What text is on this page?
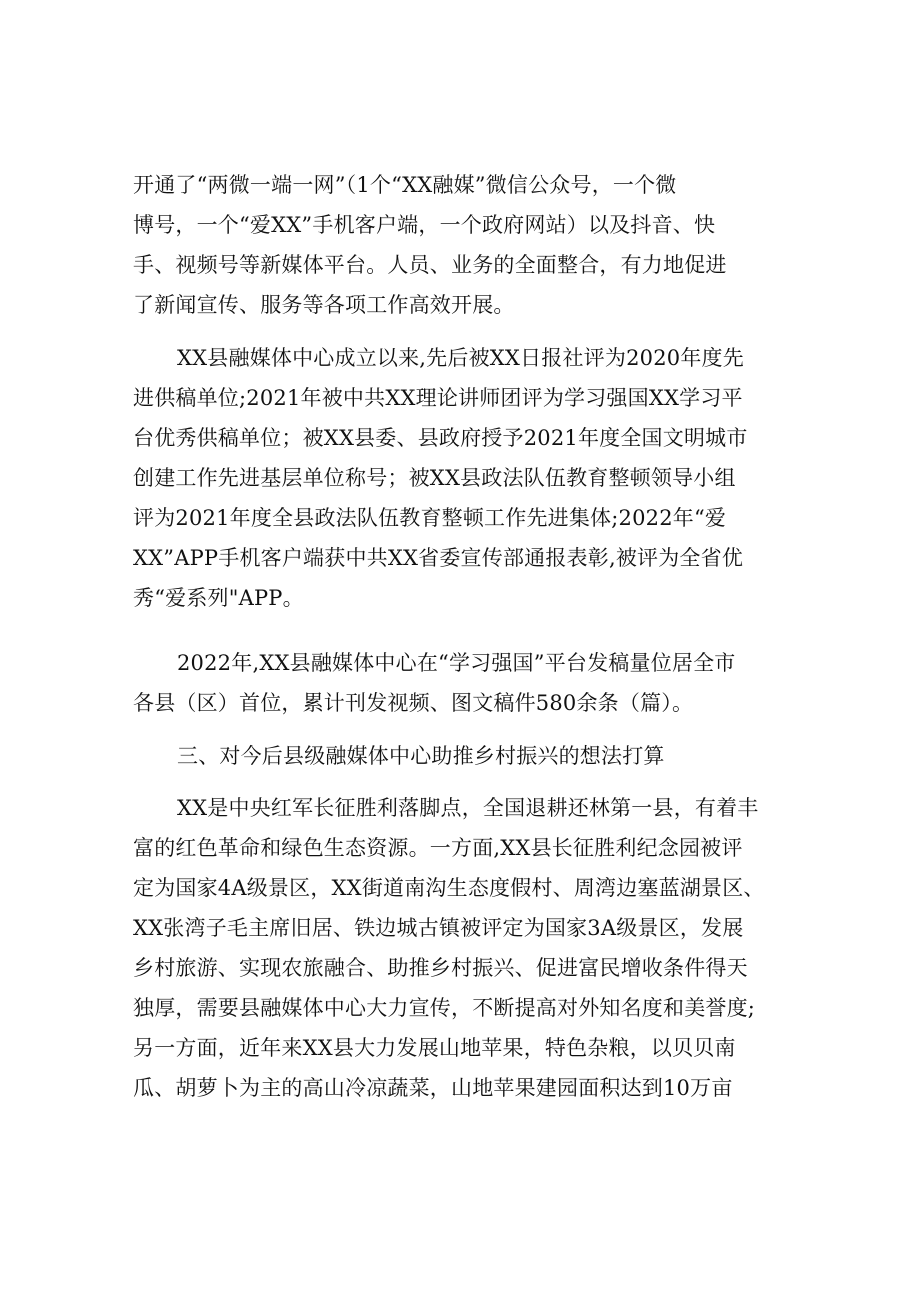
开通了“两微一端一网”（1个“XX融媒”微信公众号，一个微
博号，一个“爱XX”手机客户端，一个政府网站）以及抖音、快
手、视频号等新媒体平台。人员、业务的全面整合，有力地促进
了新闻宣传、服务等各项工作高效开展。
XX县融媒体中心成立以来,先后被XX日报社评为2020年度先
进供稿单位;2021年被中共XX理论讲师团评为学习强国XX学习平
台优秀供稿单位；被XX县委、县政府授予2021年度全国文明城市
创建工作先进基层单位称号；被XX县政法队伍教育整顿领导小组
评为2021年度全县政法队伍教育整顿工作先进集体;2022年“爱
XX”APP手机客户端获中共XX省委宣传部通报表彰,被评为全省优
秀“爱系列"APP。
2022年,XX县融媒体中心在“学习强国”平台发稿量位居全市
各县（区）首位，累计刊发视频、图文稿件580余条（篇）。
三、对今后县级融媒体中心助推乡村振兴的想法打算
XX是中央红军长征胜利落脚点，全国退耕还林第一县，有着丰
富的红色革命和绿色生态资源。一方面,XX县长征胜利纪念园被评
定为国家4A级景区，XX街道南沟生态度假村、周湾边塞蓝湖景区、
XX张湾子毛主席旧居、铁边城古镇被评定为国家3A级景区，发展
乡村旅游、实现农旅融合、助推乡村振兴、促进富民增收条件得天
独厚，需要县融媒体中心大力宣传，不断提高对外知名度和美誉度;
另一方面，近年来XX县大力发展山地苹果，特色杂粮，以贝贝南
瓜、胡萝卜为主的高山冷凉蔬菜，山地苹果建园面积达到10万亩
